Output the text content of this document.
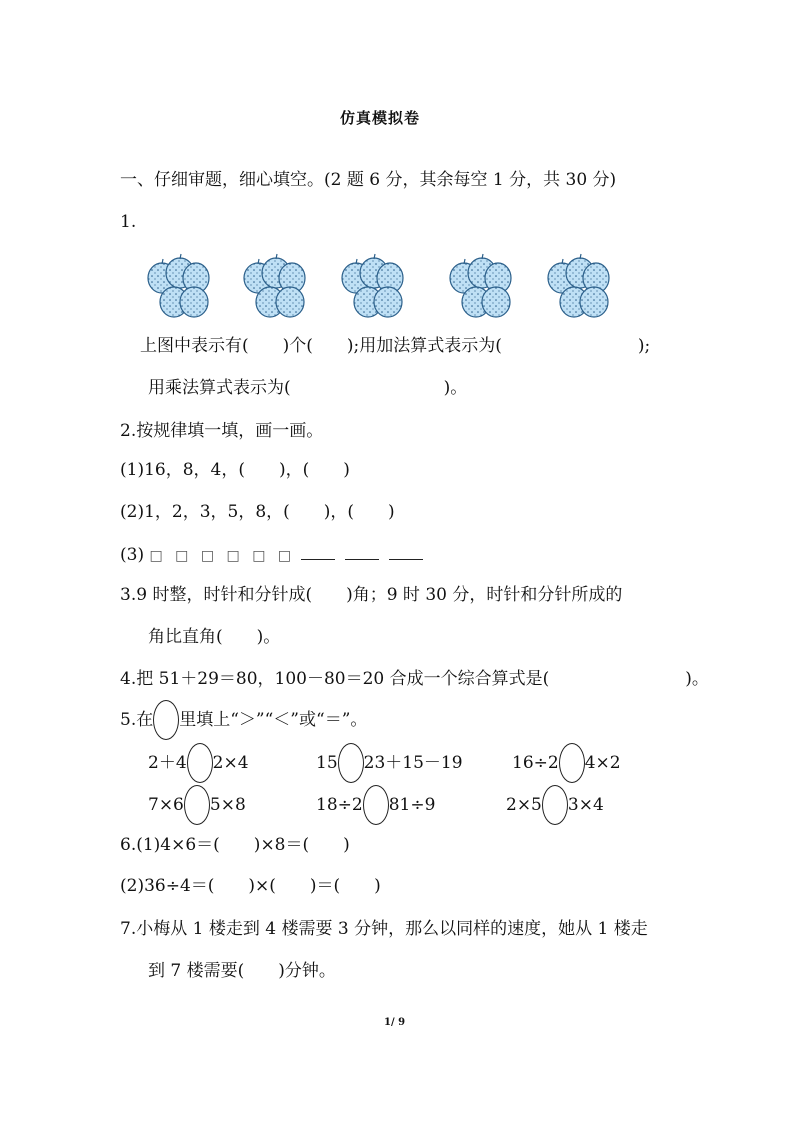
仿真模拟卷
一、仔细审题，细心填空。(2 题 6 分，其余每空 1 分，共 30 分)
1.
上图中表示有(　　)个(　　);用加法算式表示为(　　　　　　　　);
用乘法算式表示为(　　　　　　　　　)。
2.按规律填一填，画一画。
(1)16，8，4，(　　)，(　　)
(2)1，2，3，5，8，(　　)，(　　)
(3) □ □ □ □ □ □
3.9 时整，时针和分针成(　　)角；9 时 30 分，时针和分针所成的
角比直角(　　)。
4.把 51＋29＝80，100－80＝20 合成一个综合算式是(　　　　　　　　)。
5.在 里填上“＞”“＜”或“＝”。
2＋4 2×4	15 23＋15－19	16÷2 4×2
7×6 5×8	18÷2 81÷9	2×5 3×4
6.(1)4×6＝(　　)×8＝(　　)
(2)36÷4＝(　　)×(　　)＝(　　)
7.小梅从 1 楼走到 4 楼需要 3 分钟，那么以同样的速度，她从 1 楼走
到 7 楼需要(　　)分钟。
1/ 9
